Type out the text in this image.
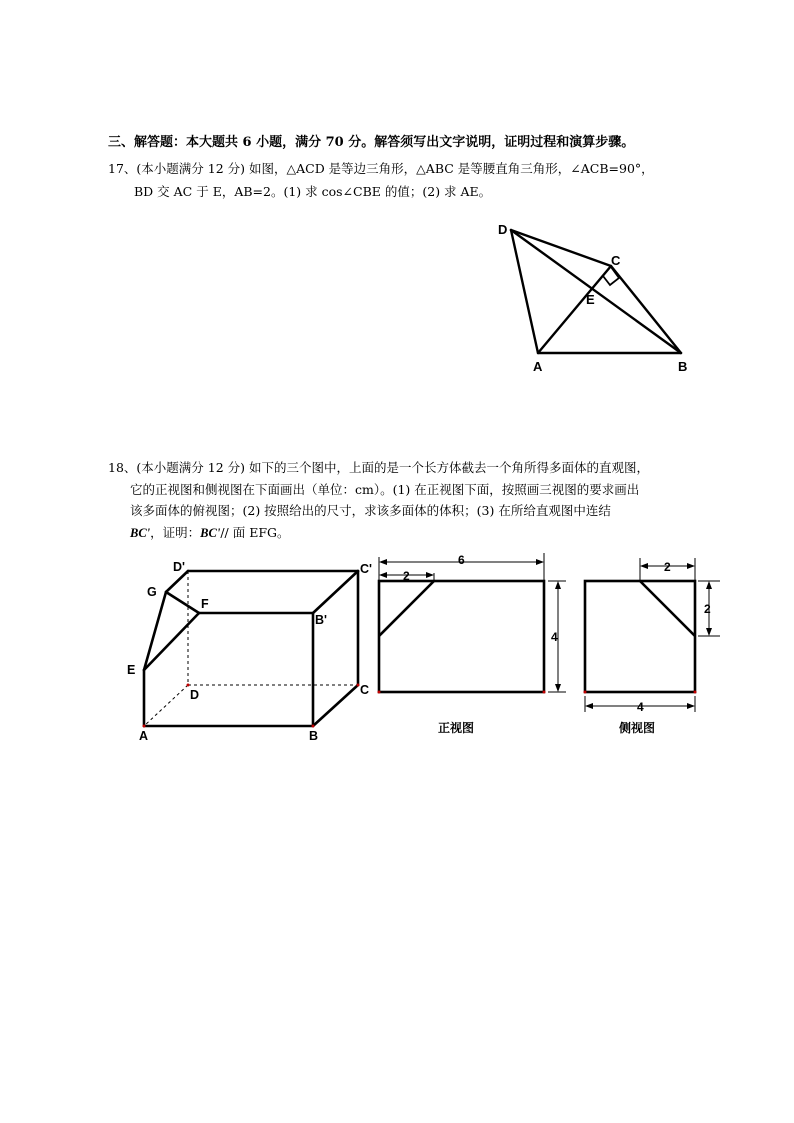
三、解答题：本大题共 6 小题，满分 70 分。解答须写出文字说明，证明过程和演算步骤。
17、(本小题满分 12 分) 如图，△ACD 是等边三角形，△ABC 是等腰直角三角形，∠ACB=90°，
BD 交 AC 于 E，AB=2。(1) 求 cos∠CBE 的值；(2) 求 AE。
D
C
E
A	B
18、(本小题满分 12 分) 如下的三个图中，上面的是一个长方体截去一个角所得多面体的直观图，
它的正视图和侧视图在下面画出（单位：cm）。(1) 在正视图下面，按照画三视图的要求画出
该多面体的俯视图；(2) 按照给出的尺寸，求该多面体的体积；(3) 在所给直观图中连结
BC'，证明：BC'// 面 EFG。
D'	C'
G
F
B'
E
D	C
A	B
6
2
4
正视图
2
2
4
侧视图
